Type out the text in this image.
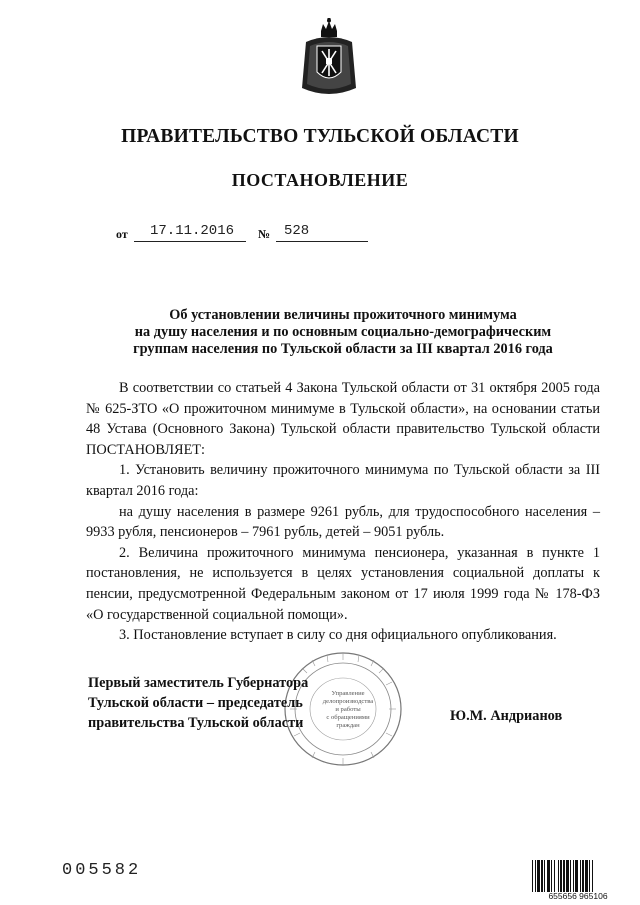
ПРАВИТЕЛЬСТВО ТУЛЬСКОЙ ОБЛАСТИ
ПОСТАНОВЛЕНИЕ
от 17.11.2016 № 528
Об установлении величины прожиточного минимума
на душу населения и по основным социально-демографическим
группам населения по Тульской области за III квартал 2016 года

В соответствии со статьей 4 Закона Тульской области от 31 октября 2005 года № 625-ЗТО «О прожиточном минимуме в Тульской области», на основании статьи 48 Устава (Основного Закона) Тульской области правительство Тульской области ПОСТАНОВЛЯЕТ:

1. Установить величину прожиточного минимума по Тульской области за III квартал 2016 года:

на душу населения в размере 9261 рубль, для трудоспособного населения – 9933 рубля, пенсионеров – 7961 рубль, детей – 9051 рубль.

2. Величина прожиточного минимума пенсионера, указанная в пункте 1 постановления, не используется в целях установления социальной доплаты к пенсии, предусмотренной Федеральным законом от 17 июля 1999 года № 178-ФЗ «О государственной социальной помощи».

3. Постановление вступает в силу со дня официального опубликования.

Управление
делопроизводства
и работы
с обращениями
граждан
Первый заместитель Губернатора
Тульской области – председатель
правительства Тульской области	Ю.М. Андрианов
005582
655656 965106
